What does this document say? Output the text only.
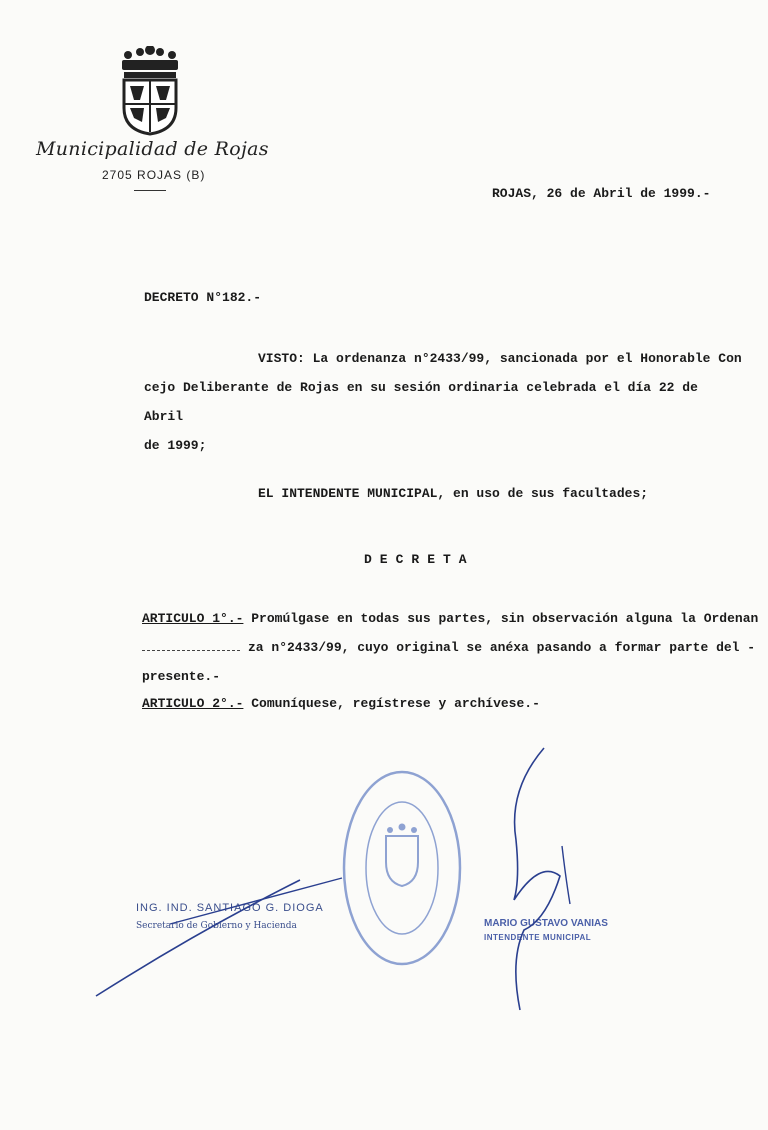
Municipalidad de Rojas
2705 ROJAS (B)
ROJAS, 26 de Abril de 1999.-
DECRETO N°182.-
VISTO: La ordenanza n°2433/99, sancionada por el Honorable Con
cejo Deliberante de Rojas en su sesión ordinaria celebrada el día 22 de Abril
de 1999;
EL INTENDENTE MUNICIPAL, en uso de sus facultades;
DECRETA
ARTICULO 1°.- Promúlgase en todas sus partes, sin observación alguna la Ordenan
za n°2433/99, cuyo original se anéxa pasando a formar parte del -
presente.-
ARTICULO 2°.- Comuníquese, regístrese y archívese.-
ING. IND. SANTIAGO G. DIOGA
Secretario de Gobierno y Hacienda	MARIO GUSTAVO VANIAS
INTENDENTE MUNICIPAL
